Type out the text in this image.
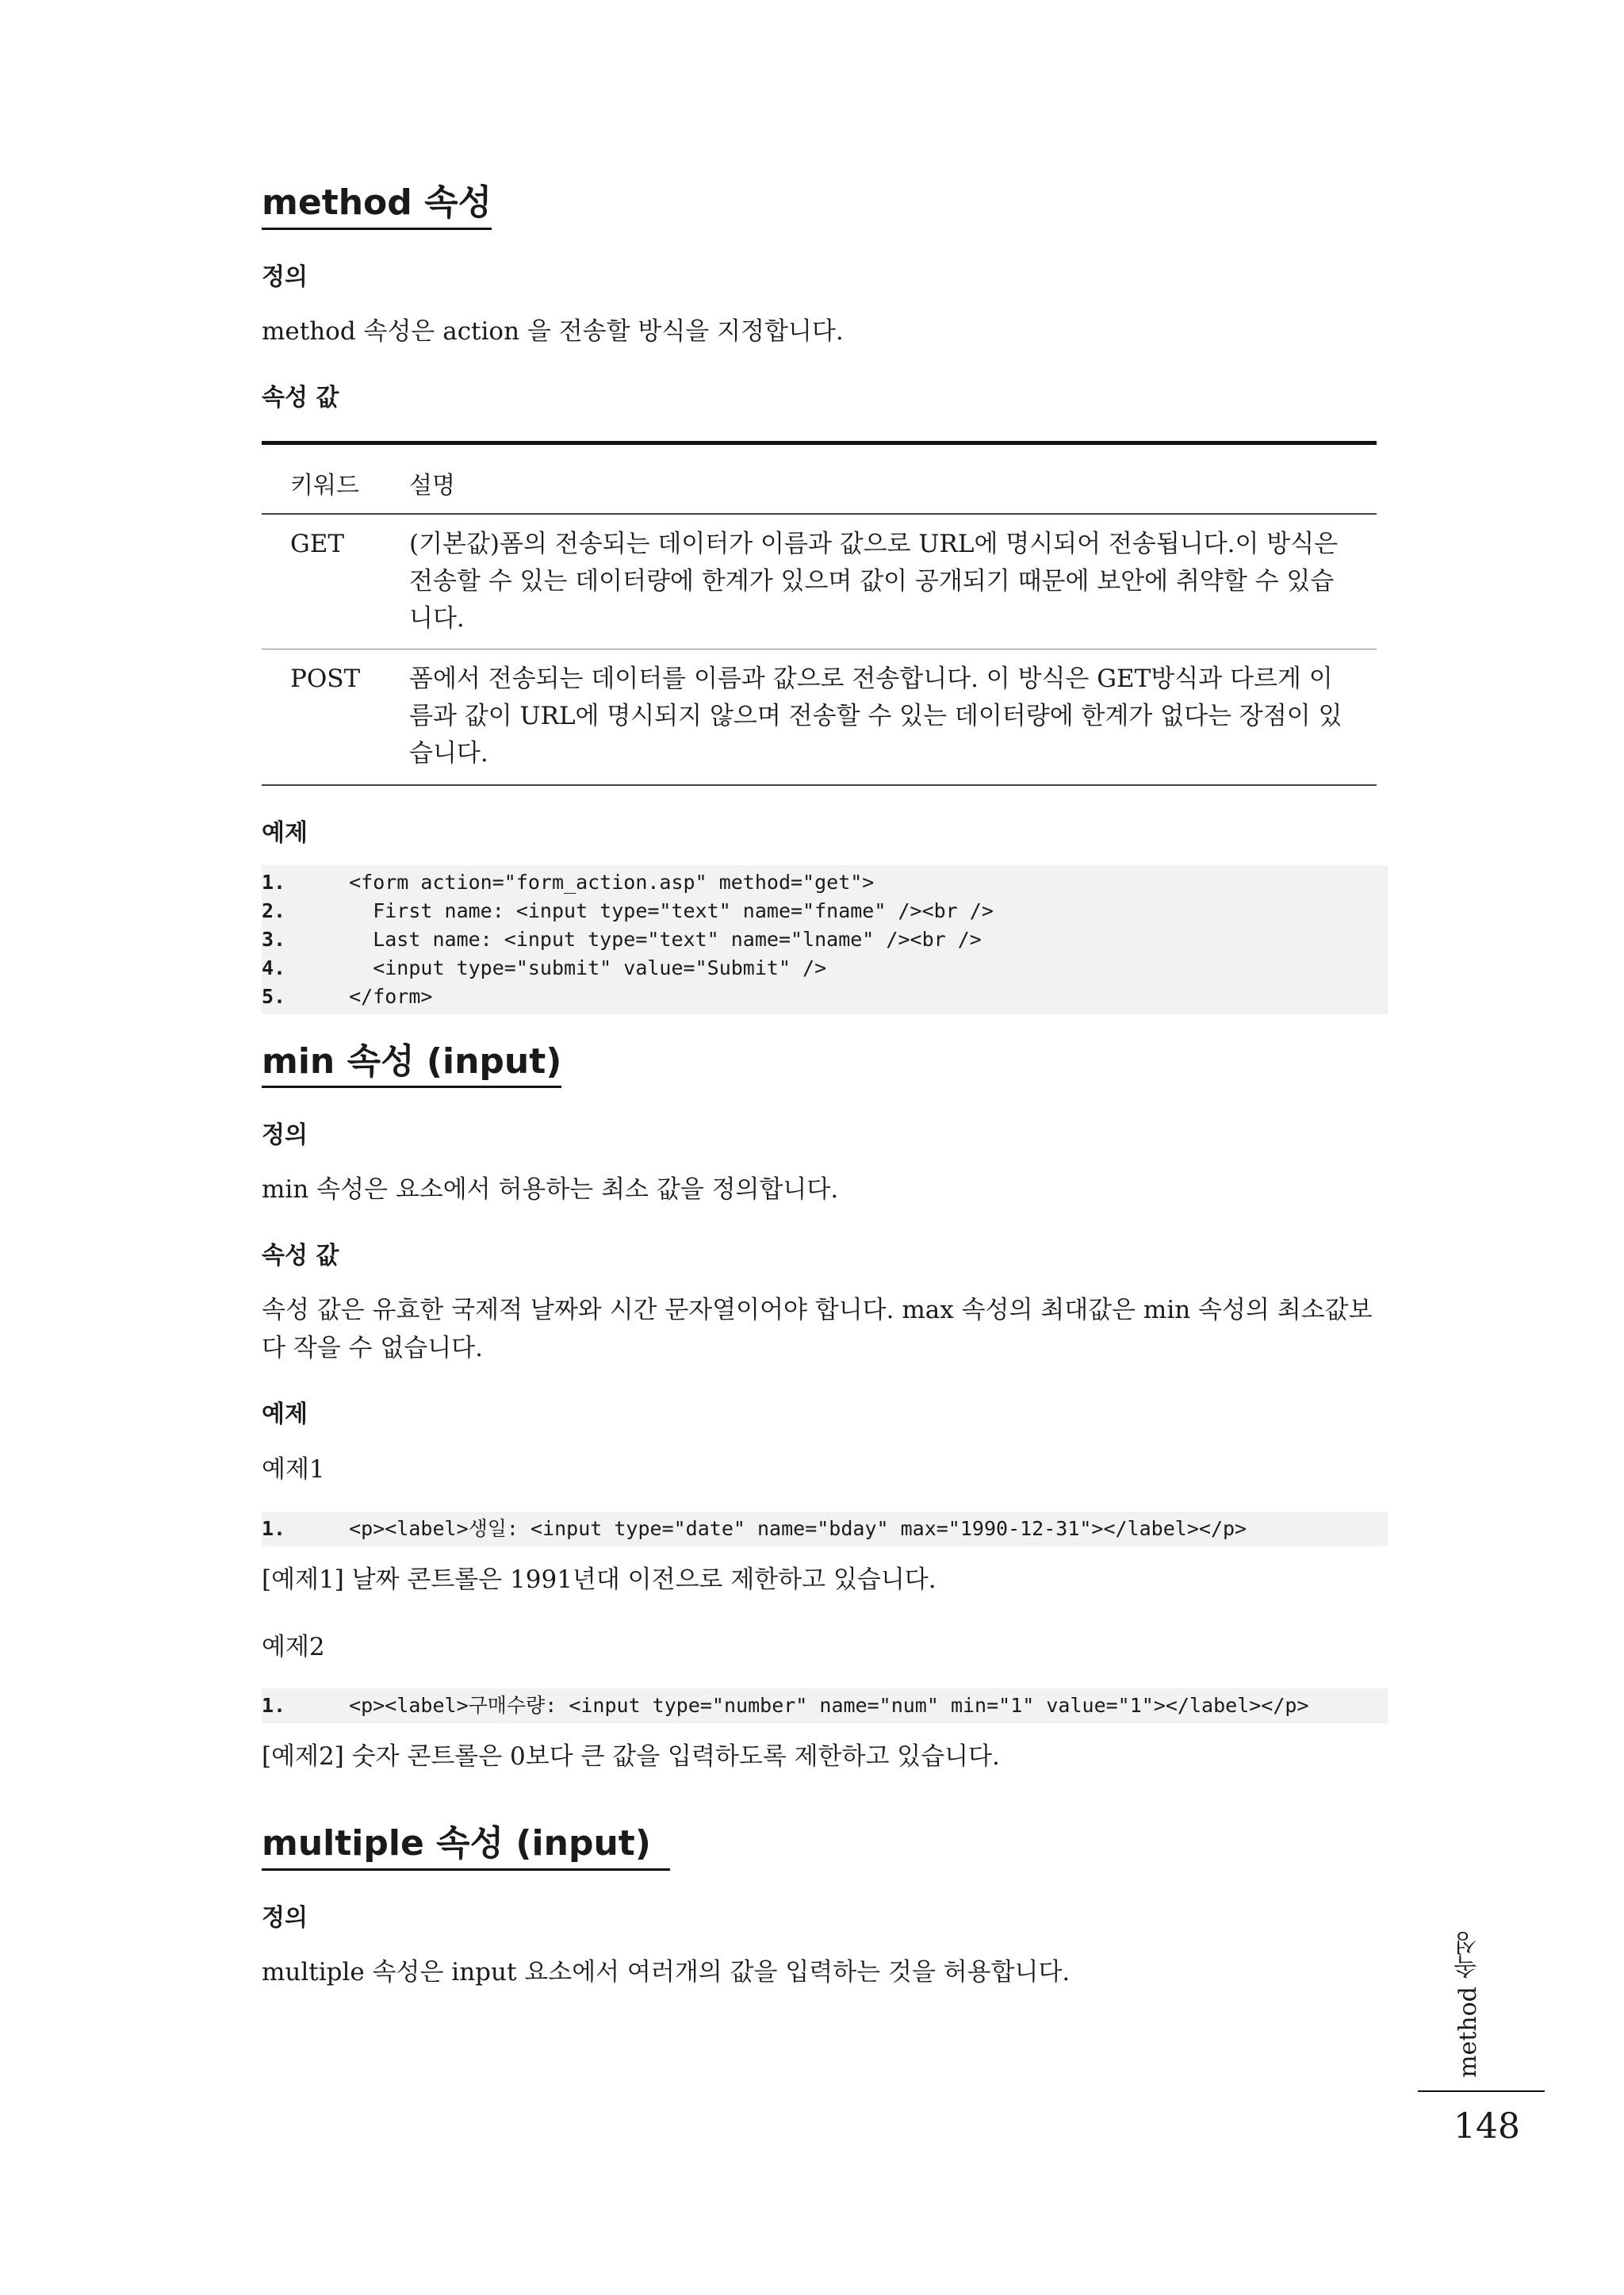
method 속성
정의

method 속성은 action 을 전송할 방식을 지정합니다.

속성 값
키워드	설명
GET	(기본값)폼의 전송되는 데이터가 이름과 값으로 URL에 명시되어 전송됩니다.이 방식은 전송할 수 있는 데이터량에 한계가 있으며 값이 공개되기 때문에 보안에 취약할 수 있습니다.
POST	폼에서 전송되는 데이터를 이름과 값으로 전송합니다. 이 방식은 GET방식과 다르게 이름과 값이 URL에 명시되지 않으며 전송할 수 있는 데이터량에 한계가 없다는 장점이 있습니다.
예제
1.	<form action="form_action.asp" method="get">
2.	First name: <input type="text" name="fname" /><br />
3.	Last name: <input type="text" name="lname" /><br />
4.	<input type="submit" value="Submit" />
5.	</form>
min 속성 (input)
정의

min 속성은 요소에서 허용하는 최소 값을 정의합니다.

속성 값

속성 값은 유효한 국제적 날짜와 시간 문자열이어야 합니다. max 속성의 최대값은 min 속성의 최소값보다 작을 수 없습니다.

예제

예제1

1.	<p><label>생일: <input type="date" name="bday" max="1990-12-31"></label></p>

[예제1] 날짜 콘트롤은 1991년대 이전으로 제한하고 있습니다.

예제2

1.	<p><label>구매수량: <input type="number" name="num" min="1" value="1"></label></p>

[예제2] 숫자 콘트롤은 0보다 큰 값을 입력하도록 제한하고 있습니다.

multiple 속성 (input)
정의

multiple 속성은 input 요소에서 여러개의 값을 입력하는 것을 허용합니다.	method 속성
148
